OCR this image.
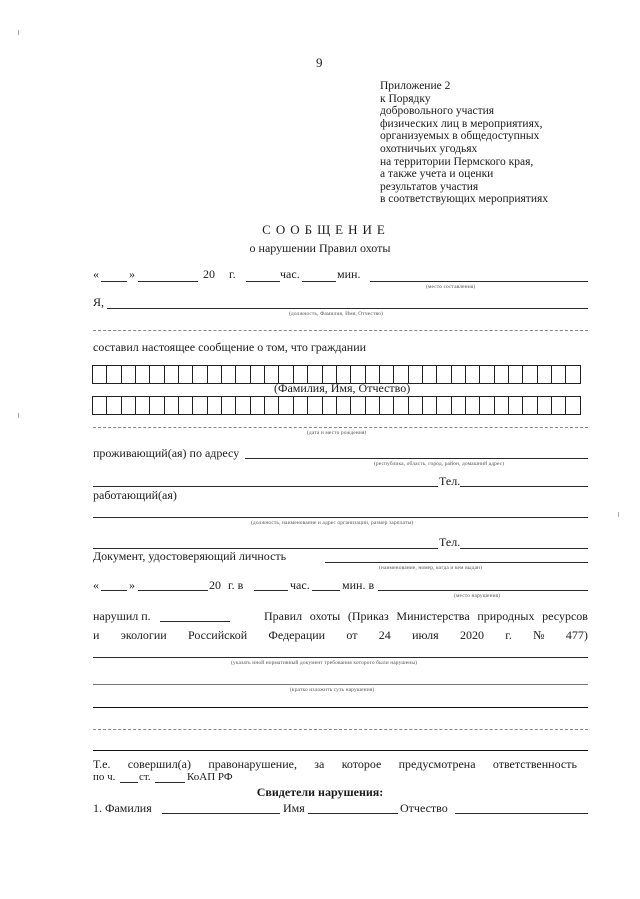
9
Приложение 2
к Порядку
добровольного участия
физических лиц в мероприятиях,
организуемых в общедоступных
охотничьих угодьях
на территории Пермского края,
а также учета и оценки
результатов участия
в соответствующих мероприятиях
СООБЩЕНИЕ
о нарушении Правил охоты
«	»	20 г.	час.	мин.
(место составления)
Я,
(должность, Фамилия, Имя, Отчество)
составил настоящее сообщение о том, что граждании
(Фамилия, Имя, Отчество)
(дата и место рождения)
проживающий(ая) по адресу
(республика, область, город, район, домашний адрес)
Тел.
работающий(ая)
(должность, наименование и адрес организации, размер зарплаты)
Тел.
Документ, удостоверяющий личность
(наименование, номер, когда и кем выдан)
«	»	20 г. в	час.	мин. в
(место нарушения)
нарушил п.	Правил охоты (Приказ Министерства природных ресурсов
и экологии Российской Федерации от 24 июля 2020 г. № 477)
(указать иной нормативный документ требования которого были нарушены)
(кратко изложить суть нарушения)
Т.е. совершил(а) правонарушение, за которое предусмотрена ответственность
по ч. ст.	КоАП РФ
Свидетели нарушения:
1. Фамилия	Имя	Отчество
